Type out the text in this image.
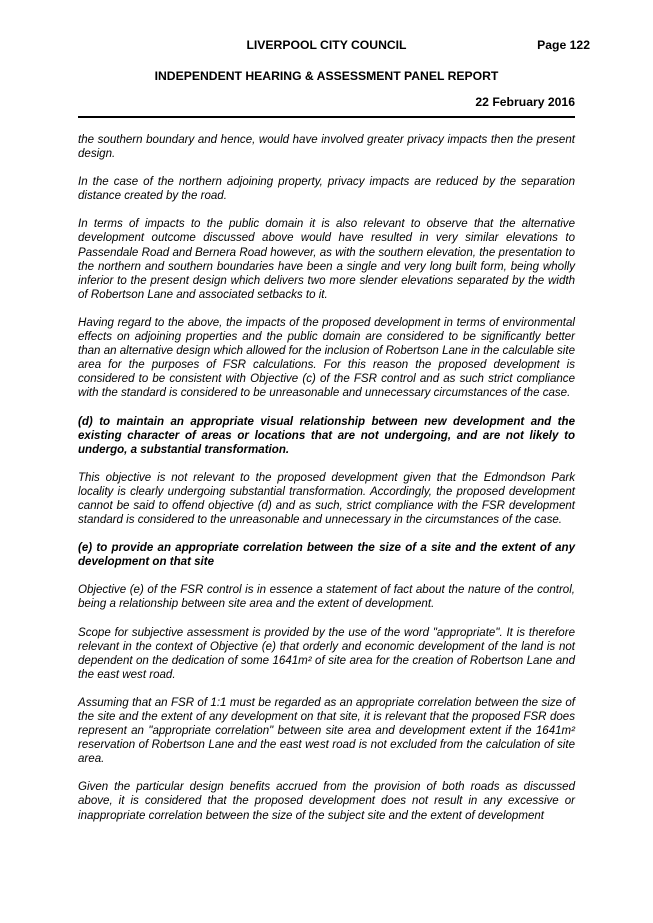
LIVERPOOL CITY COUNCIL	Page 122
INDEPENDENT HEARING & ASSESSMENT PANEL REPORT
22 February 2016

the southern boundary and hence, would have involved greater privacy impacts then the present design.

In the case of the northern adjoining property, privacy impacts are reduced by the separation distance created by the road.

In terms of impacts to the public domain it is also relevant to observe that the alternative development outcome discussed above would have resulted in very similar elevations to Passendale Road and Bernera Road however, as with the southern elevation, the presentation to the northern and southern boundaries have been a single and very long built form, being wholly inferior to the present design which delivers two more slender elevations separated by the width of Robertson Lane and associated setbacks to it.

Having regard to the above, the impacts of the proposed development in terms of environmental effects on adjoining properties and the public domain are considered to be significantly better than an alternative design which allowed for the inclusion of Robertson Lane in the calculable site area for the purposes of FSR calculations. For this reason the proposed development is considered to be consistent with Objective (c) of the FSR control and as such strict compliance with the standard is considered to be unreasonable and unnecessary circumstances of the case.

(d) to maintain an appropriate visual relationship between new development and the existing character of areas or locations that are not undergoing, and are not likely to undergo, a substantial transformation.

This objective is not relevant to the proposed development given that the Edmondson Park locality is clearly undergoing substantial transformation. Accordingly, the proposed development cannot be said to offend objective (d) and as such, strict compliance with the FSR development standard is considered to the unreasonable and unnecessary in the circumstances of the case.

(e) to provide an appropriate correlation between the size of a site and the extent of any development on that site

Objective (e) of the FSR control is in essence a statement of fact about the nature of the control, being a relationship between site area and the extent of development.

Scope for subjective assessment is provided by the use of the word "appropriate". It is therefore relevant in the context of Objective (e) that orderly and economic development of the land is not dependent on the dedication of some 1641m² of site area for the creation of Robertson Lane and the east west road.

Assuming that an FSR of 1:1 must be regarded as an appropriate correlation between the size of the site and the extent of any development on that site, it is relevant that the proposed FSR does represent an "appropriate correlation" between site area and development extent if the 1641m² reservation of Robertson Lane and the east west road is not excluded from the calculation of site area.

Given the particular design benefits accrued from the provision of both roads as discussed above, it is considered that the proposed development does not result in any excessive or inappropriate correlation between the size of the subject site and the extent of development
